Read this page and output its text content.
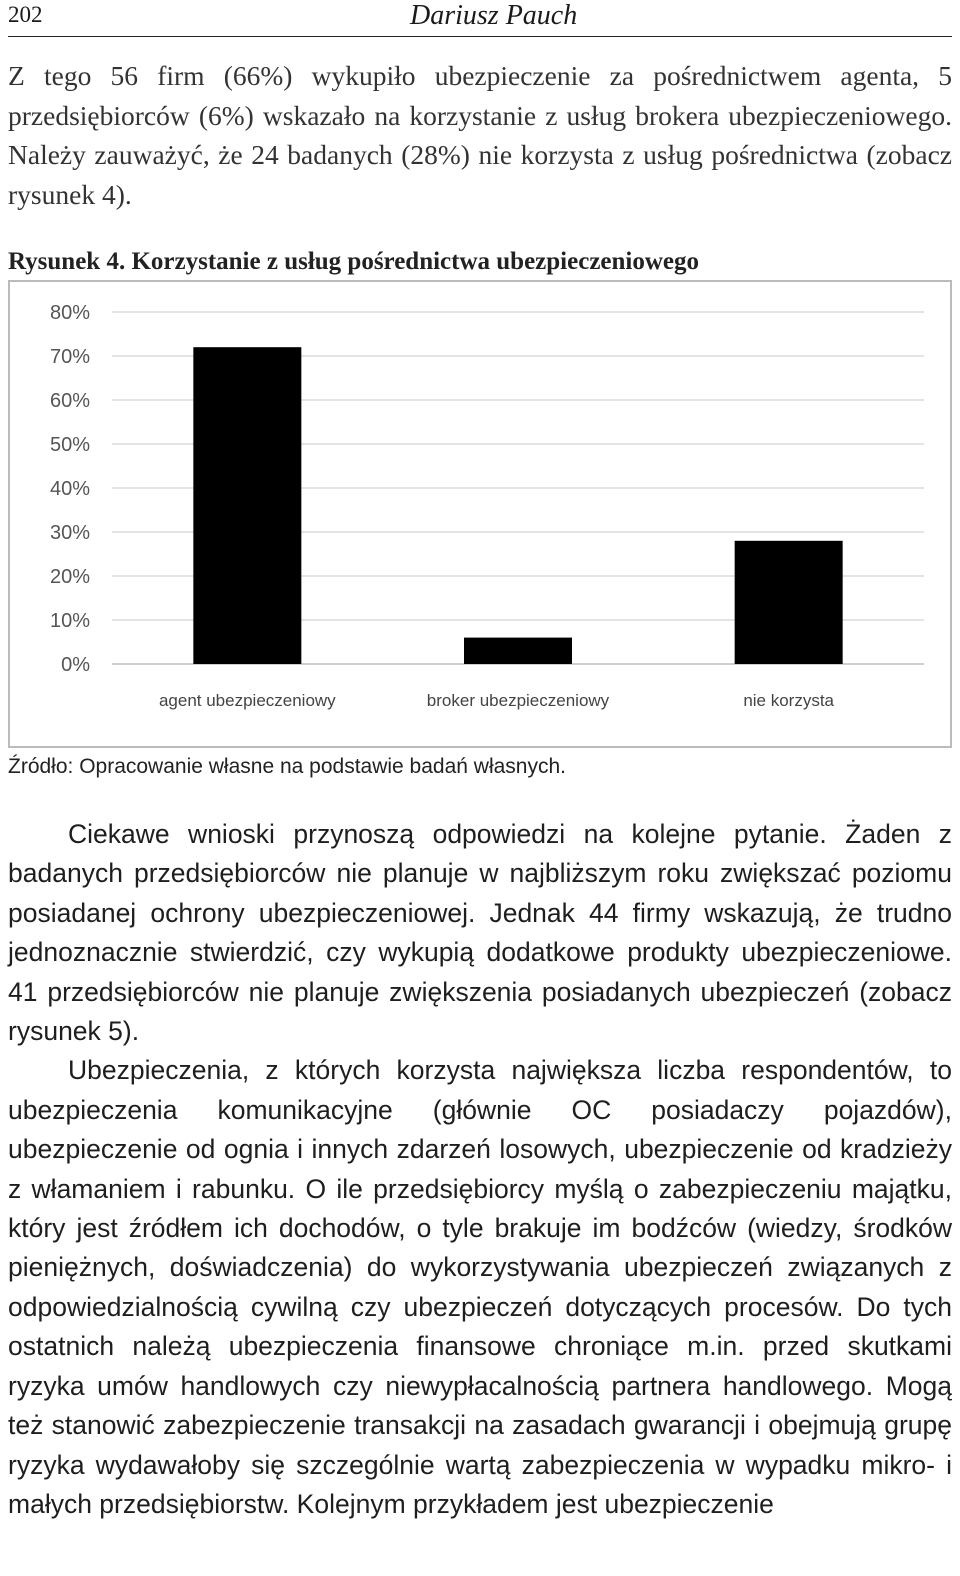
202	Dariusz Pauch

Z tego 56 firm (66%) wykupiło ubezpieczenie za pośrednictwem agenta, 5 przedsiębiorców (6%) wskazało na korzystanie z usług brokera ubezpieczeniowego. Należy zauważyć, że 24 badanych (28%) nie korzysta z usług pośrednictwa (zobacz rysunek 4).

Rysunek 4. Korzystanie z usług pośrednictwa ubezpieczeniowego

0%
10%
20%
30%
40%
50%
60%
70%
80%
agent ubezpieczeniowy	broker ubezpieczeniowy	nie korzysta

Źródło: Opracowanie własne na podstawie badań własnych.

Ciekawe wnioski przynoszą odpowiedzi na kolejne pytanie. Żaden z badanych przedsiębiorców nie planuje w najbliższym roku zwiększać poziomu posiadanej ochrony ubezpieczeniowej. Jednak 44 firmy wskazują, że trudno jednoznacznie stwierdzić, czy wykupią dodatkowe produkty ubezpieczeniowe. 41 przedsiębiorców nie planuje zwiększenia posiadanych ubezpieczeń (zobacz rysunek 5).

Ubezpieczenia, z których korzysta największa liczba respondentów, to ubezpieczenia komunikacyjne (głównie OC posiadaczy pojazdów), ubezpieczenie od ognia i innych zdarzeń losowych, ubezpieczenie od kradzieży z włamaniem i rabunku. O ile przedsiębiorcy myślą o zabezpieczeniu majątku, który jest źródłem ich dochodów, o tyle brakuje im bodźców (wiedzy, środków pieniężnych, doświadczenia) do wykorzystywania ubezpieczeń związanych z odpowiedzialnością cywilną czy ubezpieczeń dotyczących procesów. Do tych ostatnich należą ubezpieczenia finansowe chroniące m.in. przed skutkami ryzyka umów handlowych czy niewypłacalnością partnera handlowego. Mogą też stanowić zabezpieczenie transakcji na zasadach gwarancji i obejmują grupę ryzyka wydawałoby się szczególnie wartą zabezpieczenia w wypadku mikro- i małych przedsiębiorstw. Kolejnym przykładem jest ubezpieczenie
